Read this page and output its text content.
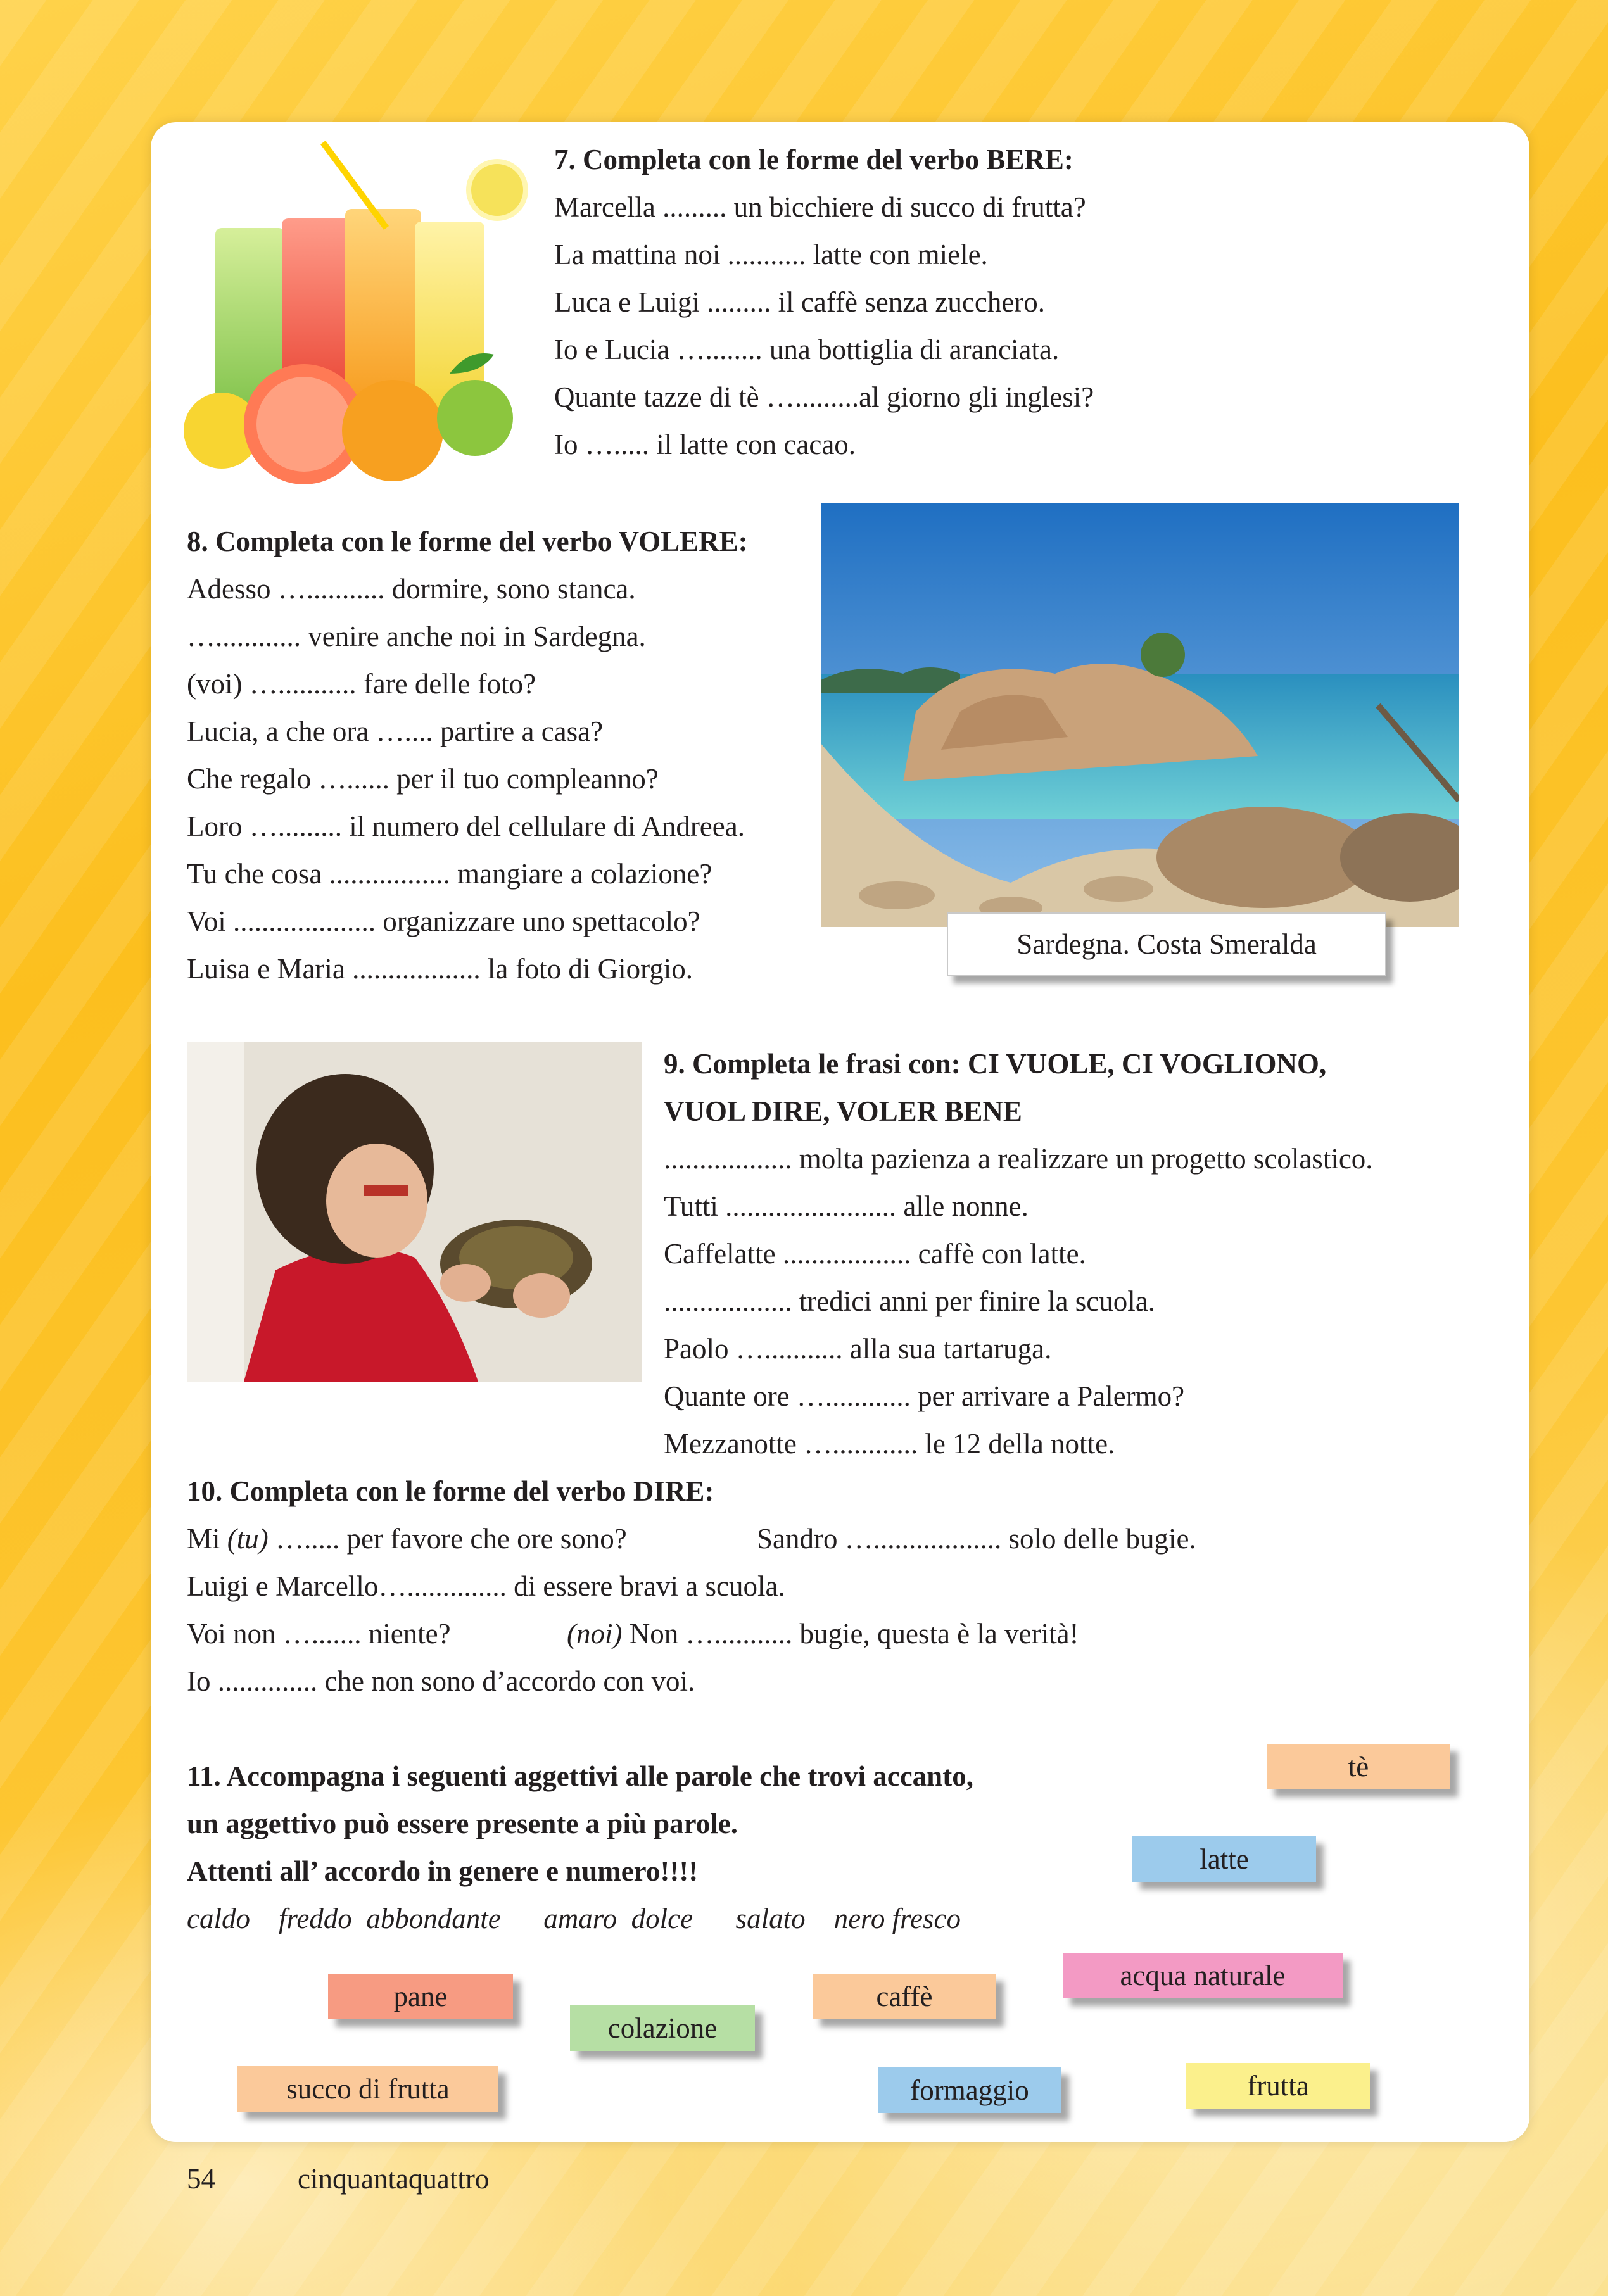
7. Completa con le forme del verbo BERE:
Marcella ......... un bicchiere di succo di frutta?
La mattina noi ........... latte con miele.
Luca e Luigi ......... il caffè senza zucchero.
Io e Lucia …........ una bottiglia di aranciata.
Quante tazze di tè ….........al giorno gli inglesi?
Io …..... il latte con cacao.
8. Completa con le forme del verbo VOLERE:
Adesso …........... dormire, sono stanca.
…............ venire anche noi in Sardegna.
(voi) …........... fare delle foto?
Lucia, a che ora ….... partire a casa?
Che regalo …...... per il tuo compleanno?
Loro …......... il numero del cellulare di Andreea.
Tu che cosa ................. mangiare a colazione?
Voi .................... organizzare uno spettacolo?
Luisa e Maria .................. la foto di Giorgio.
Sardegna. Costa Smeralda
9. Completa le frasi con: CI VUOLE, CI VOGLIONO,
VUOL DIRE, VOLER BENE
.................. molta pazienza a realizzare un progetto scolastico.
Tutti ........................ alle nonne.
Caffelatte .................. caffè con latte.
.................. tredici anni per finire la scuola.
Paolo …........... alla sua tartaruga.
Quante ore …............ per arrivare a Palermo?
Mezzanotte …............ le 12 della notte.
10. Completa con le forme del verbo DIRE:
Mi (tu) …..... per favore che ore sono?	Sandro ….................. solo delle bugie.
Luigi e Marcello….............. di essere bravi a scuola.
Voi non …....... niente?	(noi) Non …........... bugie, questa è la verità!
Io .............. che non sono d’accordo con voi.
11. Accompagna i seguenti aggettivi alle parole che trovi accanto,
un aggettivo può essere presente a più parole.
Attenti all’ accordo in genere e numero!!!!
caldo    freddo  abbondante      amaro  dolce      salato    nero fresco
tè
latte
acqua naturale
pane	caffè
colazione
succo di frutta	formaggio	frutta
54	cinquantaquattro
